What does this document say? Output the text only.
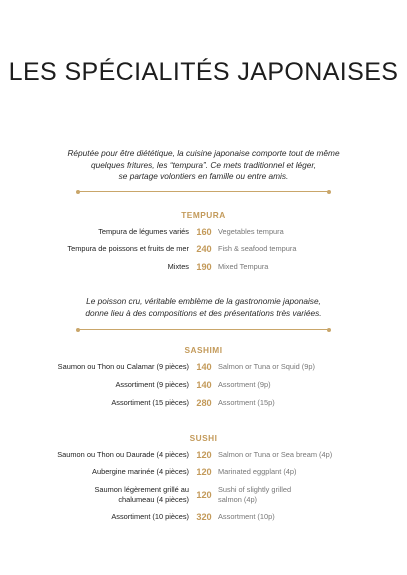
LES SPÉCIALITÉS JAPONAISES
Réputée pour être diététique, la cuisine japonaise comporte tout de même
quelques fritures, les “tempura”. Ce mets traditionnel et léger,
se partage volontiers en famille ou entre amis.
TEMPURA
Tempura de légumes variés 160 Vegetables tempura
Tempura de poissons et fruits de mer 240 Fish & seafood tempura
Mixtes 190 Mixed Tempura
Le poisson cru, véritable emblème de la gastronomie japonaise,
donne lieu à des compositions et des présentations très variées.
SASHIMI
Saumon ou Thon ou Calamar (9 pièces) 140 Salmon or Tuna or Squid (9p)
Assortiment (9 pièces) 140 Assortment (9p)
Assortiment (15 pièces) 280 Assortment (15p)
SUSHI
Saumon ou Thon ou Daurade (4 pièces) 120 Salmon or Tuna or Sea bream (4p)
Aubergine marinée (4 pièces) 120 Marinated eggplant (4p)
Saumon légèrement grillé au chalumeau (4 pièces) 120
Sushi of slightly grilled salmon (4p)
Assortiment (10 pièces) 320 Assortment (10p)
